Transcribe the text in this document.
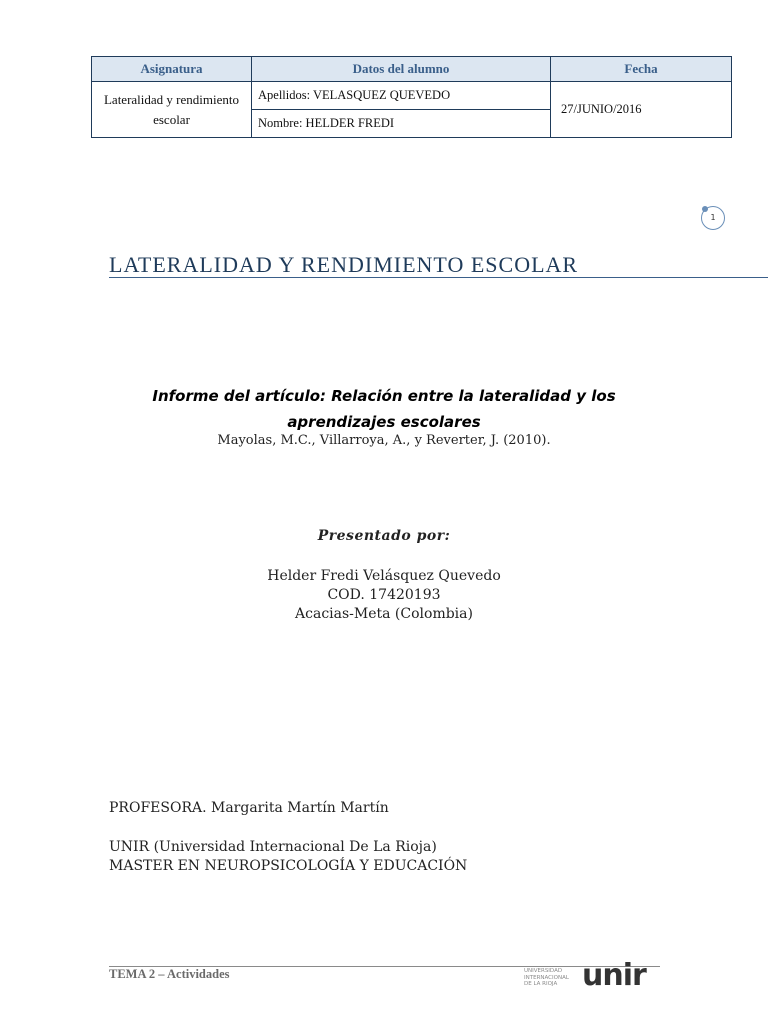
Asignatura	Datos del alumno	Fecha
Lateralidad y rendimiento escolar	Apellidos: VELASQUEZ QUEVEDO	27/JUNIO/2016
	Nombre: HELDER FREDI	
1
LATERALIDAD Y RENDIMIENTO ESCOLAR
Informe del artículo: Relación entre la lateralidad y los aprendizajes escolares
Mayolas, M.C., Villarroya, A., y Reverter, J. (2010).
Presentado por:
Helder Fredi Velásquez Quevedo
COD. 17420193
Acacias-Meta (Colombia)
PROFESORA. Margarita Martín Martín
UNIR (Universidad Internacional De La Rioja)
MASTER EN NEUROPSICOLOGÍA Y EDUCACIÓN
TEMA 2 – Actividades	UNIVERSIDAD
INTERNACIONAL
DE LA RIOJA unir
